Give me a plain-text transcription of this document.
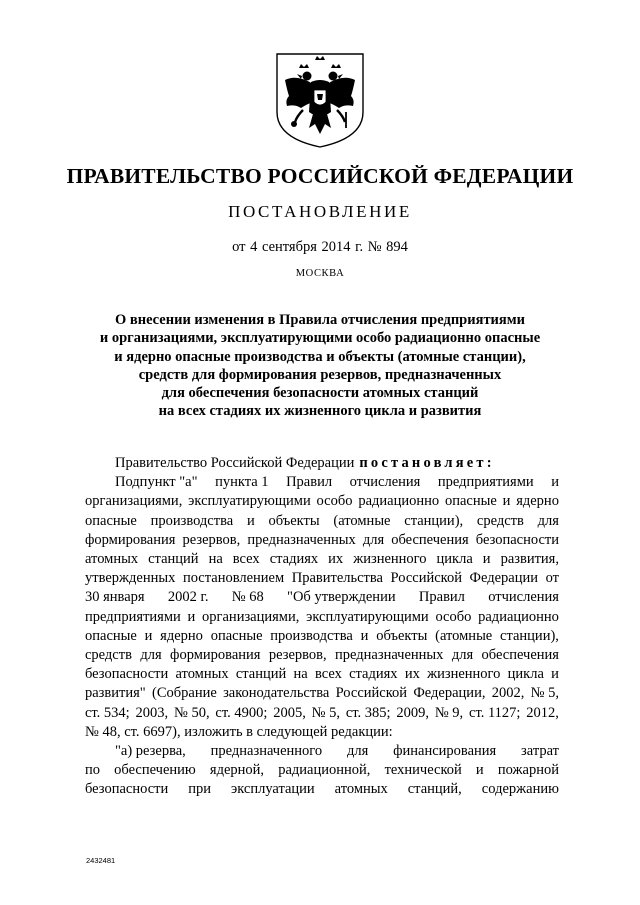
ПРАВИТЕЛЬСТВО РОССИЙСКОЙ ФЕДЕРАЦИИ
ПОСТАНОВЛЕНИЕ
от 4 сентября 2014 г. № 894
МОСКВА
О внесении изменения в Правила отчисления предприятиями
и организациями, эксплуатирующими особо радиационно опасные
и ядерно опасные производства и объекты (атомные станции),
средств для формирования резервов, предназначенных
для обеспечения безопасности атомных станций
на всех стадиях их жизненного цикла и развития
Правительство Российской Федерации постановляет:
Подпункт "а" пункта 1 Правил отчисления предприятиями и
организациями, эксплуатирующими особо радиационно опасные и ядерно
опасные производства и объекты (атомные станции), средств для
формирования резервов, предназначенных для обеспечения безопасности
атомных станций на всех стадиях их жизненного цикла и развития,
утвержденных постановлением Правительства Российской Федерации от
30 января 2002 г. № 68 "Об утверждении Правил отчисления
предприятиями и организациями, эксплуатирующими особо радиационно
опасные и ядерно опасные производства и объекты (атомные станции),
средств для формирования резервов, предназначенных для обеспечения
безопасности атомных станций на всех стадиях их жизненного цикла и
развития" (Собрание законодательства Российской Федерации, 2002, № 5,
ст. 534; 2003, № 50, ст. 4900; 2005, № 5, ст. 385; 2009, № 9, ст. 1127; 2012,
№ 48, ст. 6697), изложить в следующей редакции:
"а) резерва, предназначенного для финансирования затрат
по обеспечению ядерной, радиационной, технической и пожарной
безопасности при эксплуатации атомных станций, содержанию
2432481
